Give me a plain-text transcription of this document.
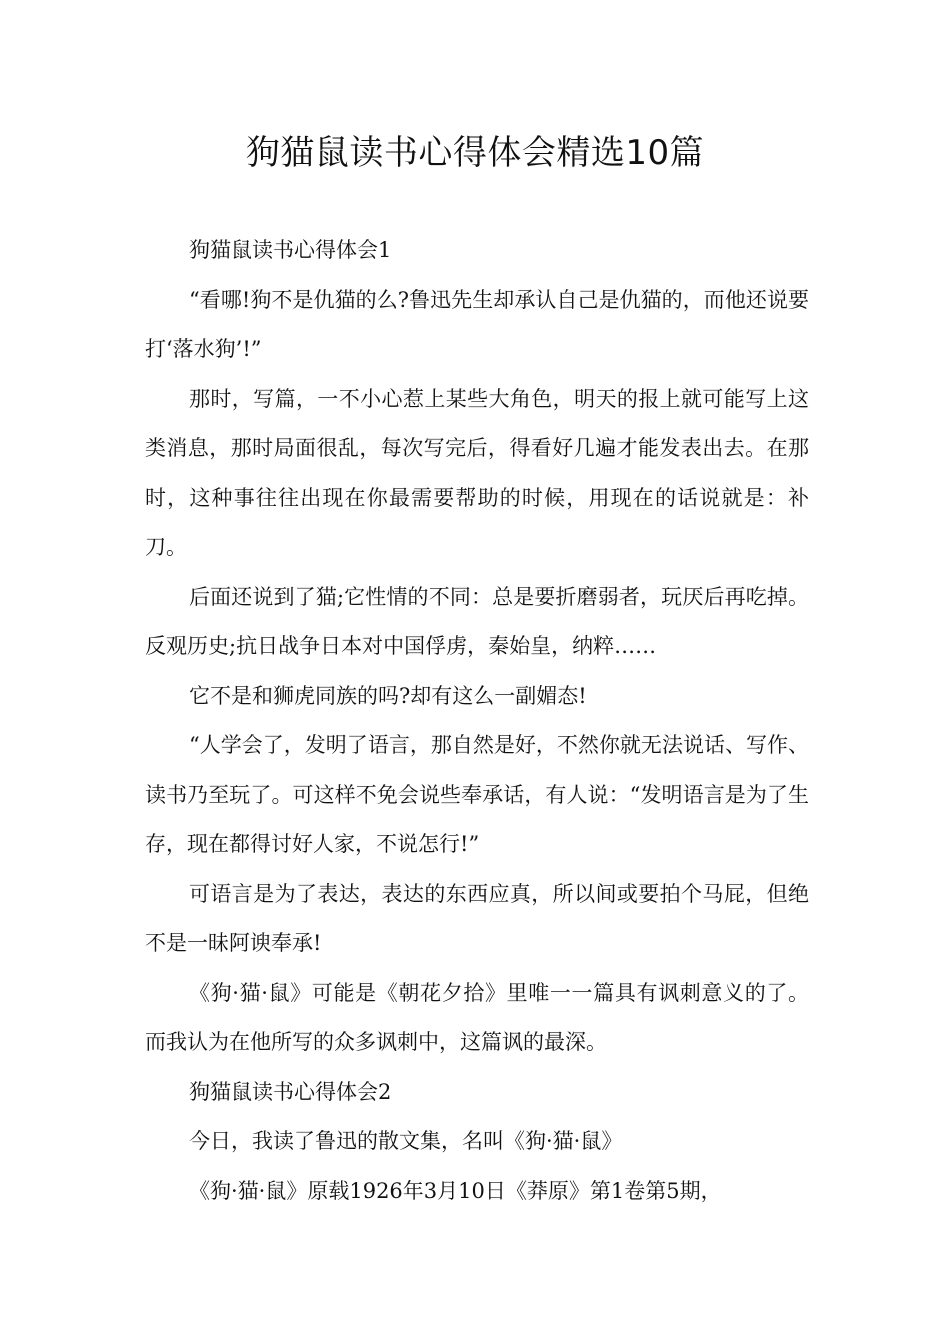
狗猫鼠读书心得体会精选10篇

狗猫鼠读书心得体会1

“看哪!狗不是仇猫的么?鲁迅先生却承认自己是仇猫的，而他还说要打‘落水狗’!”

那时，写篇，一不小心惹上某些大角色，明天的报上就可能写上这类消息，那时局面很乱，每次写完后，得看好几遍才能发表出去。在那时，这种事往往出现在你最需要帮助的时候，用现在的话说就是：补刀。

后面还说到了猫;它性情的不同：总是要折磨弱者，玩厌后再吃掉。反观历史;抗日战争日本对中国俘虏，秦始皇，纳粹……

它不是和狮虎同族的吗?却有这么一副媚态!

“人学会了，发明了语言，那自然是好，不然你就无法说话、写作、读书乃至玩了。可这样不免会说些奉承话，有人说：“发明语言是为了生存，现在都得讨好人家，不说怎行!”

可语言是为了表达，表达的东西应真，所以间或要拍个马屁，但绝不是一昧阿谀奉承!

《狗·猫·鼠》可能是《朝花夕拾》里唯一一篇具有讽刺意义的了。而我认为在他所写的众多讽刺中，这篇讽的最深。

狗猫鼠读书心得体会2

今日，我读了鲁迅的散文集，名叫《狗·猫·鼠》

《狗·猫·鼠》原载1926年3月10日《莽原》第1卷第5期，
